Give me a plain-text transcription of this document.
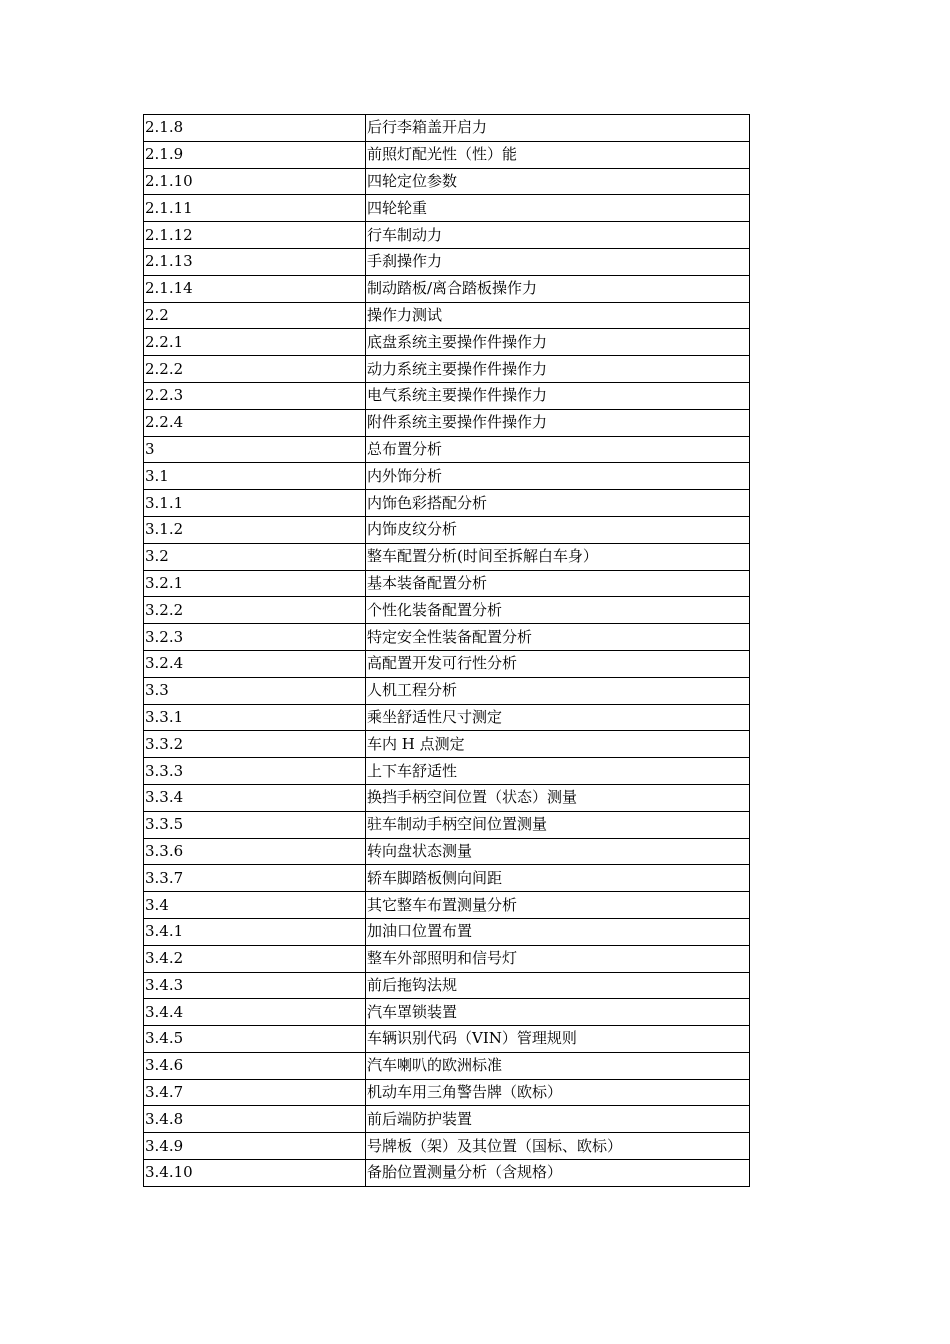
2.1.8	后行李箱盖开启力
2.1.9	前照灯配光性（性）能
2.1.10	四轮定位参数
2.1.11	四轮轮重
2.1.12	行车制动力
2.1.13	手刹操作力
2.1.14	制动踏板/离合踏板操作力
2.2	操作力测试
2.2.1	底盘系统主要操作件操作力
2.2.2	动力系统主要操作件操作力
2.2.3	电气系统主要操作件操作力
2.2.4	附件系统主要操作件操作力
3	总布置分析
3.1	内外饰分析
3.1.1	内饰色彩搭配分析
3.1.2	内饰皮纹分析
3.2	整车配置分析(时间至拆解白车身）
3.2.1	基本装备配置分析
3.2.2	个性化装备配置分析
3.2.3	特定安全性装备配置分析
3.2.4	高配置开发可行性分析
3.3	人机工程分析
3.3.1	乘坐舒适性尺寸测定
3.3.2	车内 H 点测定
3.3.3	上下车舒适性
3.3.4	换挡手柄空间位置（状态）测量
3.3.5	驻车制动手柄空间位置测量
3.3.6	转向盘状态测量
3.3.7	轿车脚踏板侧向间距
3.4	其它整车布置测量分析
3.4.1	加油口位置布置
3.4.2	整车外部照明和信号灯
3.4.3	前后拖钩法规
3.4.4	汽车罩锁装置
3.4.5	车辆识别代码（VIN）管理规则
3.4.6	汽车喇叭的欧洲标准
3.4.7	机动车用三角警告牌（欧标）
3.4.8	前后端防护装置
3.4.9	号牌板（架）及其位置（国标、欧标）
3.4.10	备胎位置测量分析（含规格）
